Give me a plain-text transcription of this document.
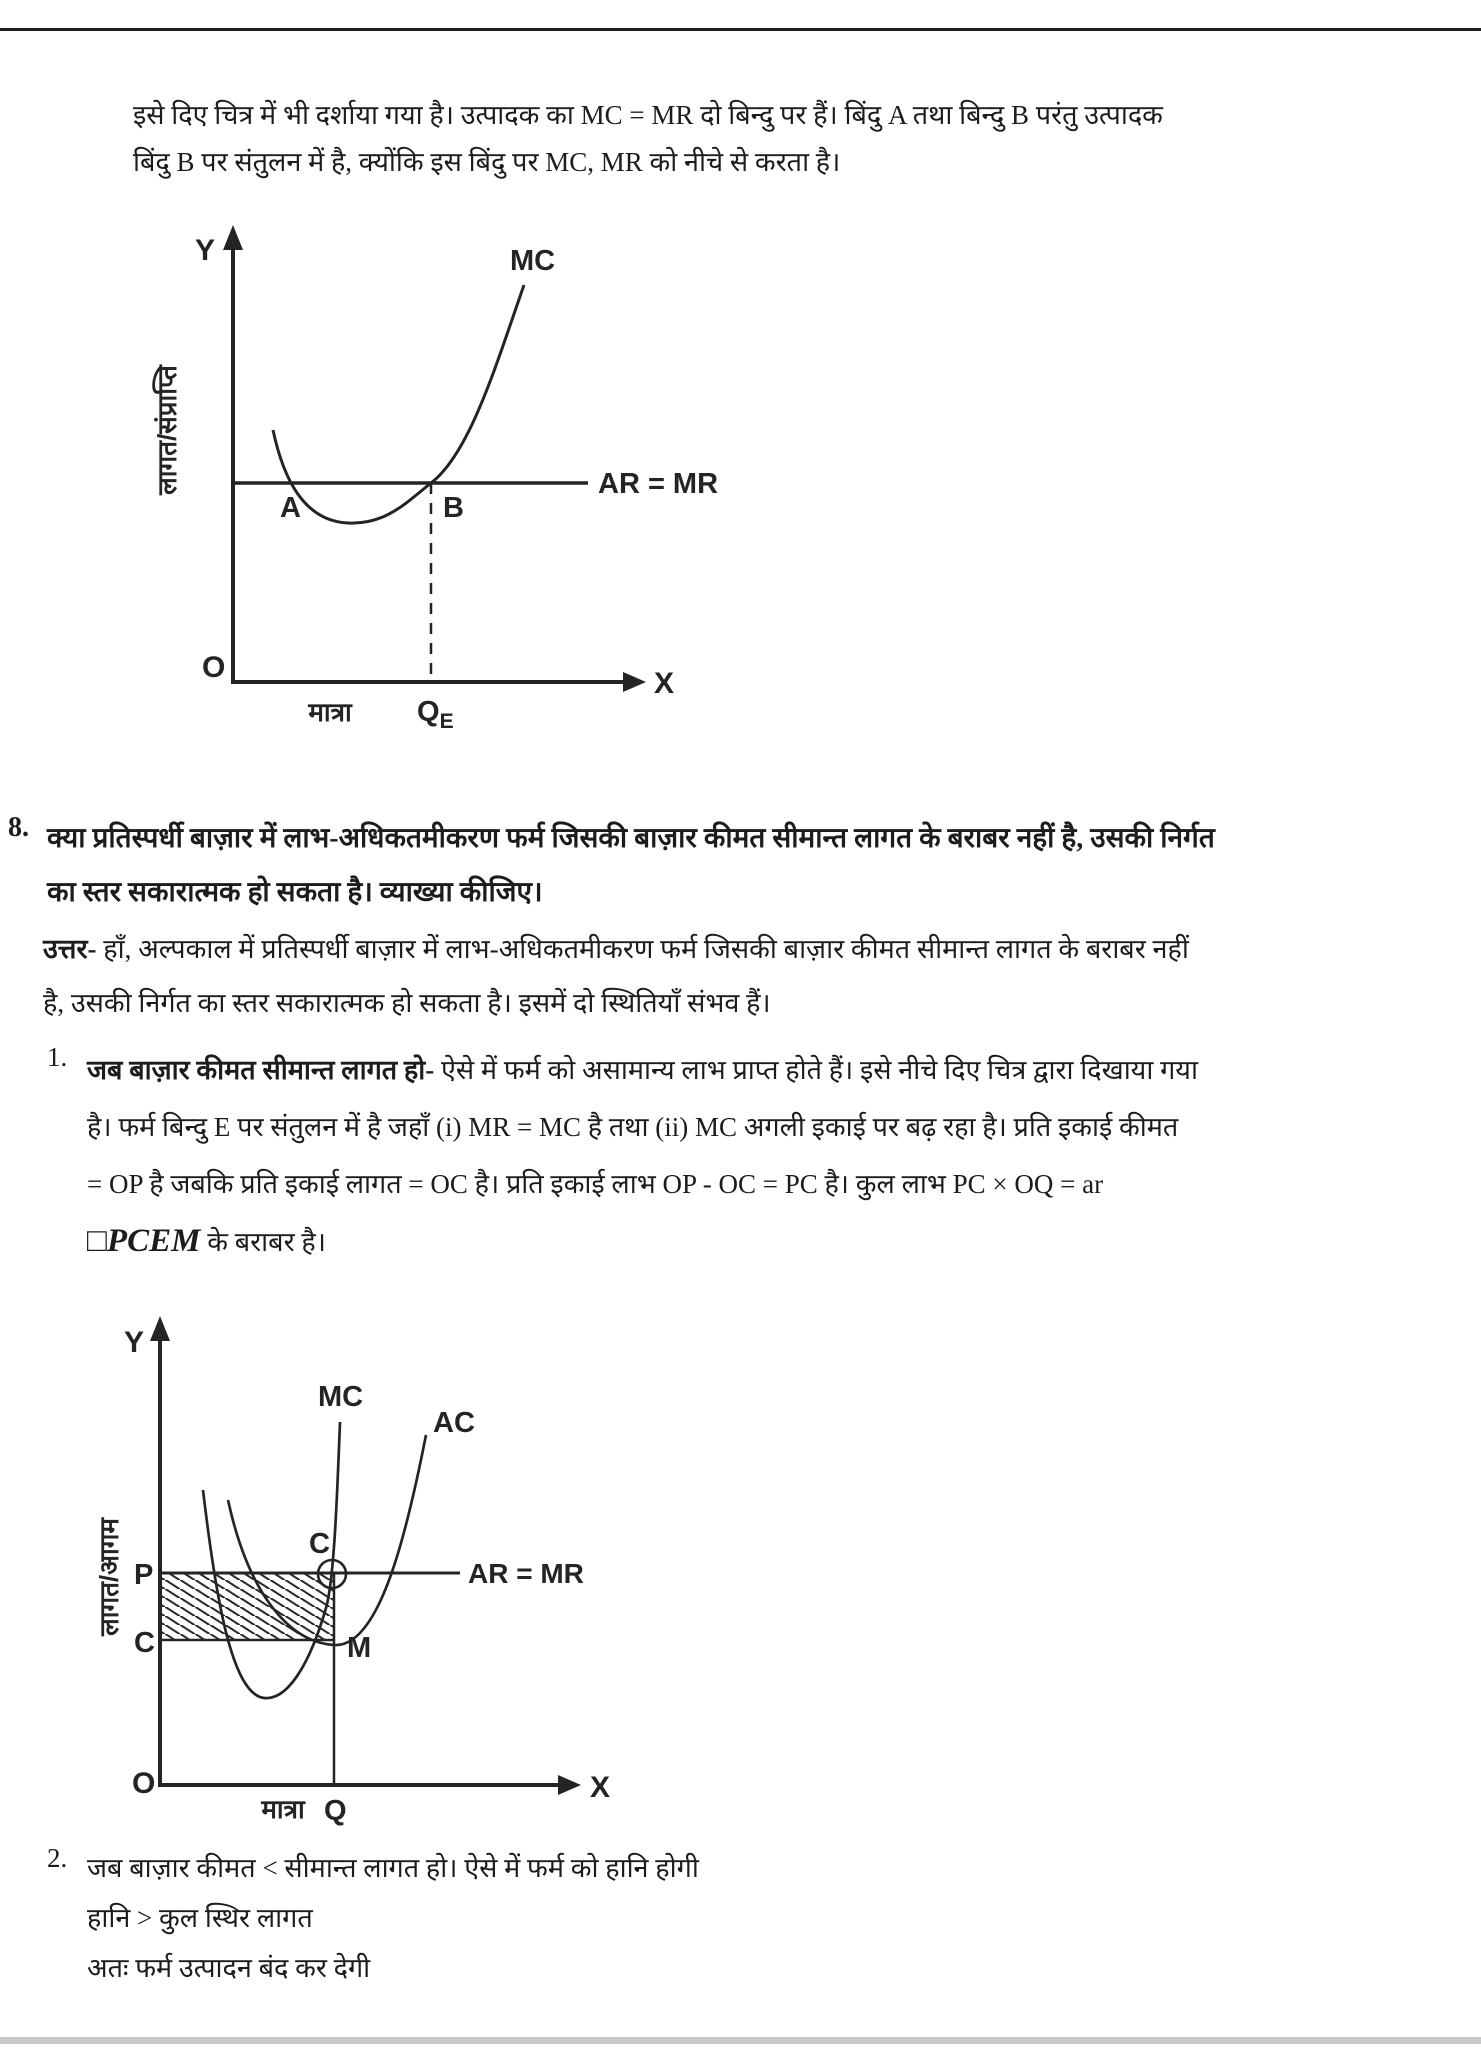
इसे दिए चित्र में भी दर्शाया गया है। उत्पादक का MC = MR दो बिन्दु पर हैं। बिंदु A तथा बिन्दु B परंतु उत्पादक
बिंदु B पर संतुलन में है, क्योंकि इस बिंदु पर MC, MR को नीचे से करता है।
Y
X
O
लागत/संप्राप्ति
मात्रा
MC
AR = MR
A	B
$Q_E$
8. क्या प्रतिस्पर्धी बाज़ार में लाभ-अधिकतमीकरण फर्म जिसकी बाज़ार कीमत सीमान्त लागत के बराबर नहीं है, उसकी निर्गत
का स्तर सकारात्मक हो सकता है। व्याख्या कीजिए।
उत्तर- हाँ, अल्पकाल में प्रतिस्पर्धी बाज़ार में लाभ-अधिकतमीकरण फर्म जिसकी बाज़ार कीमत सीमान्त लागत के बराबर नहीं
है, उसकी निर्गत का स्तर सकारात्मक हो सकता है। इसमें दो स्थितियाँ संभव हैं।
1. जब बाज़ार कीमत सीमान्त लागत हो- ऐसे में फर्म को असामान्य लाभ प्राप्त होते हैं। इसे नीचे दिए चित्र द्वारा दिखाया गया
है। फर्म बिन्दु E पर संतुलन में है जहाँ (i) MR = MC है तथा (ii) MC अगली इकाई पर बढ़ रहा है। प्रति इकाई कीमत
= OP है जबकि प्रति इकाई लागत = OC है। प्रति इकाई लाभ OP - OC = PC है। कुल लाभ PC × OQ = ar
□PCEM के बराबर है।
Y
X
O
लागत/आगम
मात्रा
MC
AC
AR = MR
P
C
C
M
Q
2. जब बाज़ार कीमत < सीमान्त लागत हो। ऐसे में फर्म को हानि होगी
हानि > कुल स्थिर लागत
अतः फर्म उत्पादन बंद कर देगी
